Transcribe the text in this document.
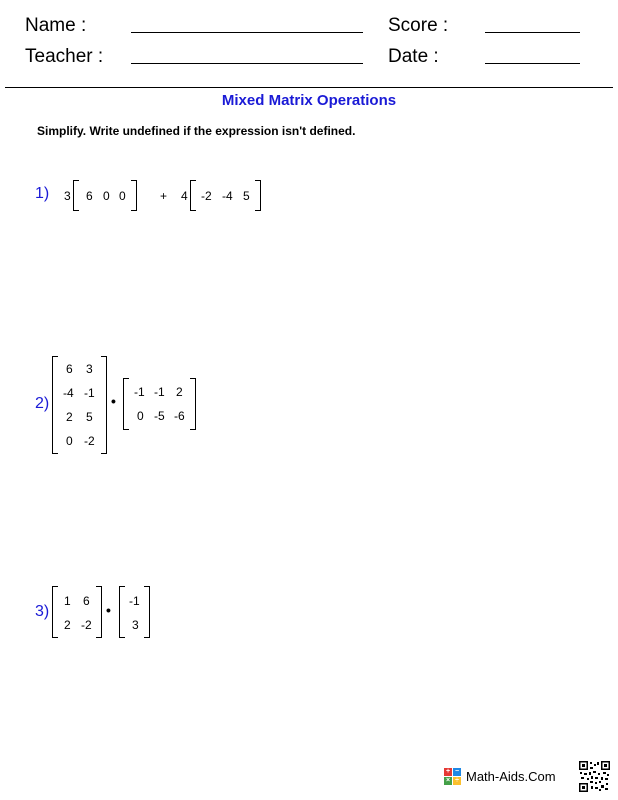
Name :
Teacher :
Score :
Date :
Mixed Matrix Operations
Simplify. Write undefined if the expression isn't defined.
1) 3 6 0 0	+ 4 -2 -4 5
2)
6 3
-4 -1
2 5
0 -2
•
-1 -1 2
0 -5 -6
3)
1 6
2 -2
•
-1
3
+ −
× ÷ Math-Aids.Com
